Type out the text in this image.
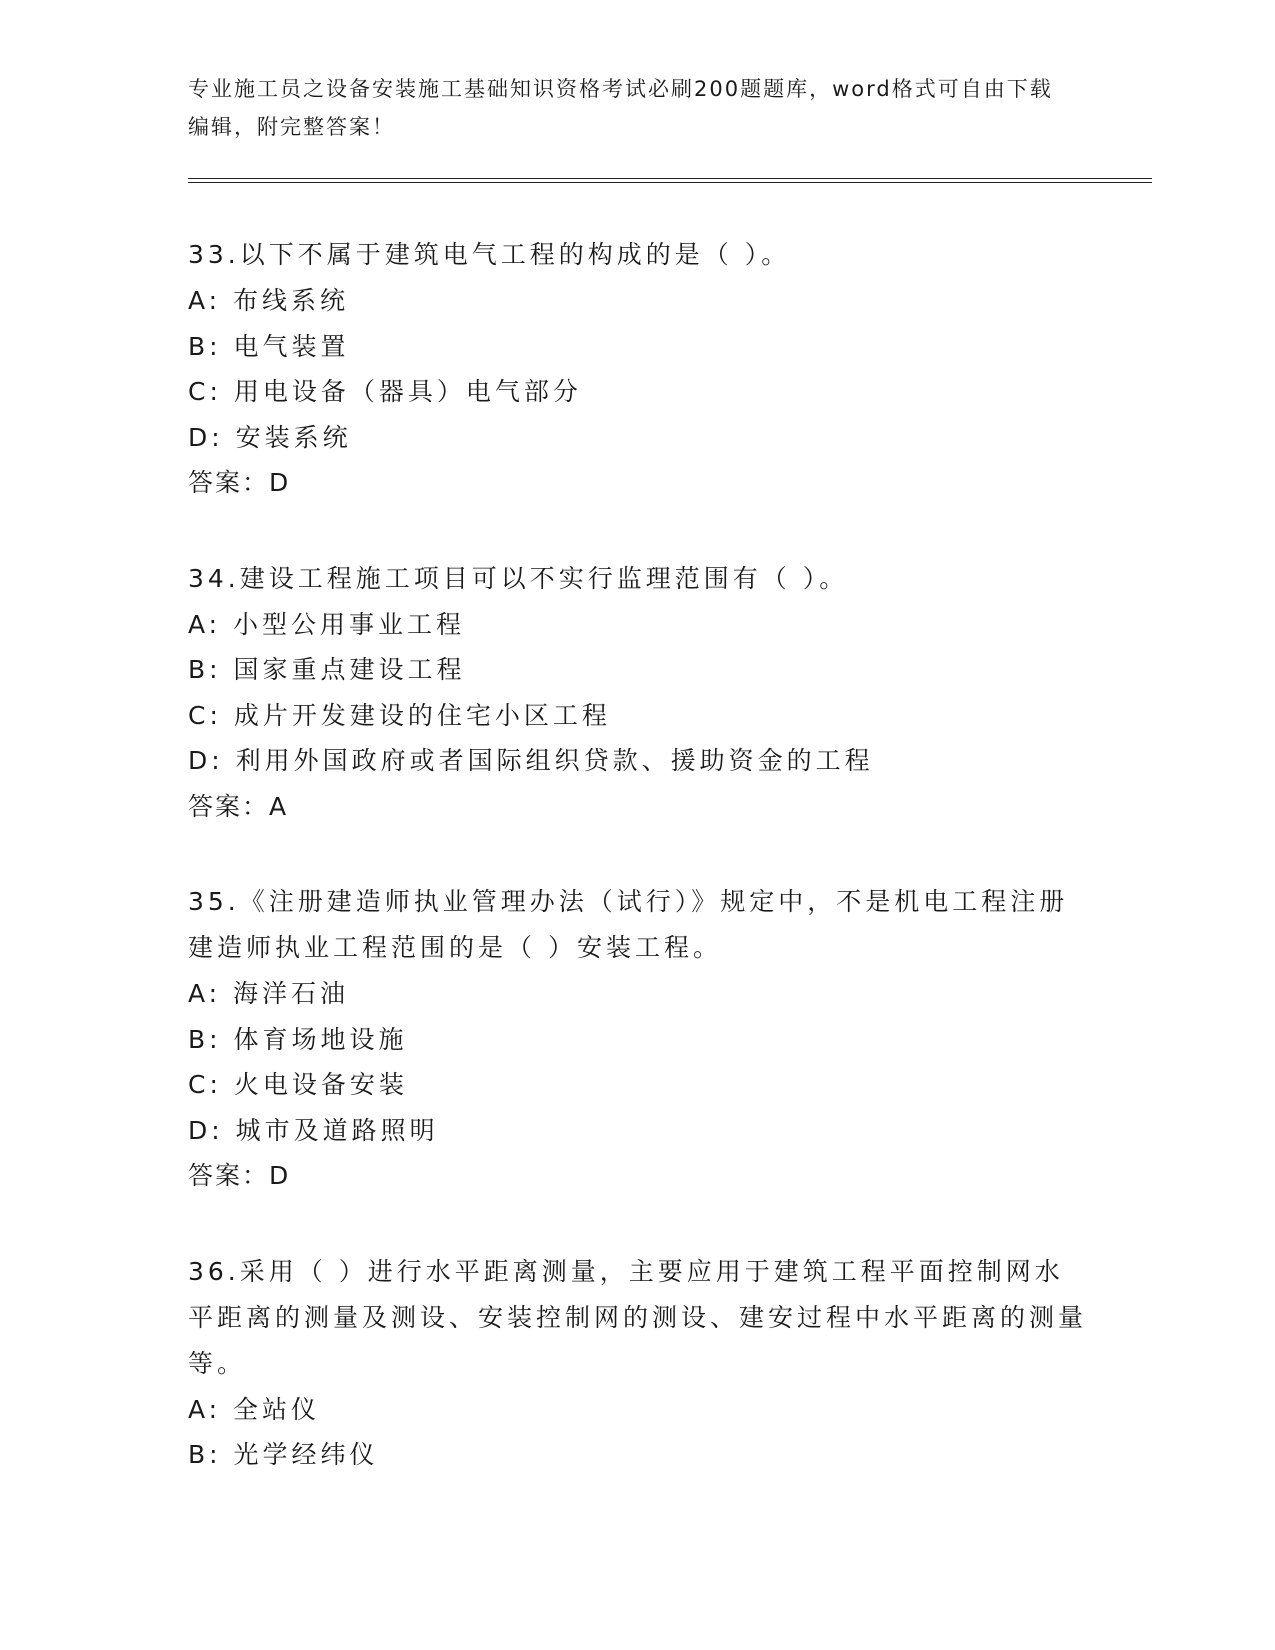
专业施工员之设备安装施工基础知识资格考试必刷200题题库，word格式可自由下载编辑，附完整答案！

33.以下不属于建筑电气工程的构成的是（ ）。

A: 布线系统

B: 电气装置

C: 用电设备（器具）电气部分

D: 安装系统

答案：D

34.建设工程施工项目可以不实行监理范围有（ ）。

A: 小型公用事业工程

B: 国家重点建设工程

C: 成片开发建设的住宅小区工程

D: 利用外国政府或者国际组织贷款、援助资金的工程

答案：A

35.《注册建造师执业管理办法（试行）》规定中，不是机电工程注册建造师执业工程范围的是（ ）安装工程。

A: 海洋石油

B: 体育场地设施

C: 火电设备安装

D: 城市及道路照明

答案：D

36.采用（ ）进行水平距离测量，主要应用于建筑工程平面控制网水平距离的测量及测设、安装控制网的测设、建安过程中水平距离的测量等。

A: 全站仪

B: 光学经纬仪
